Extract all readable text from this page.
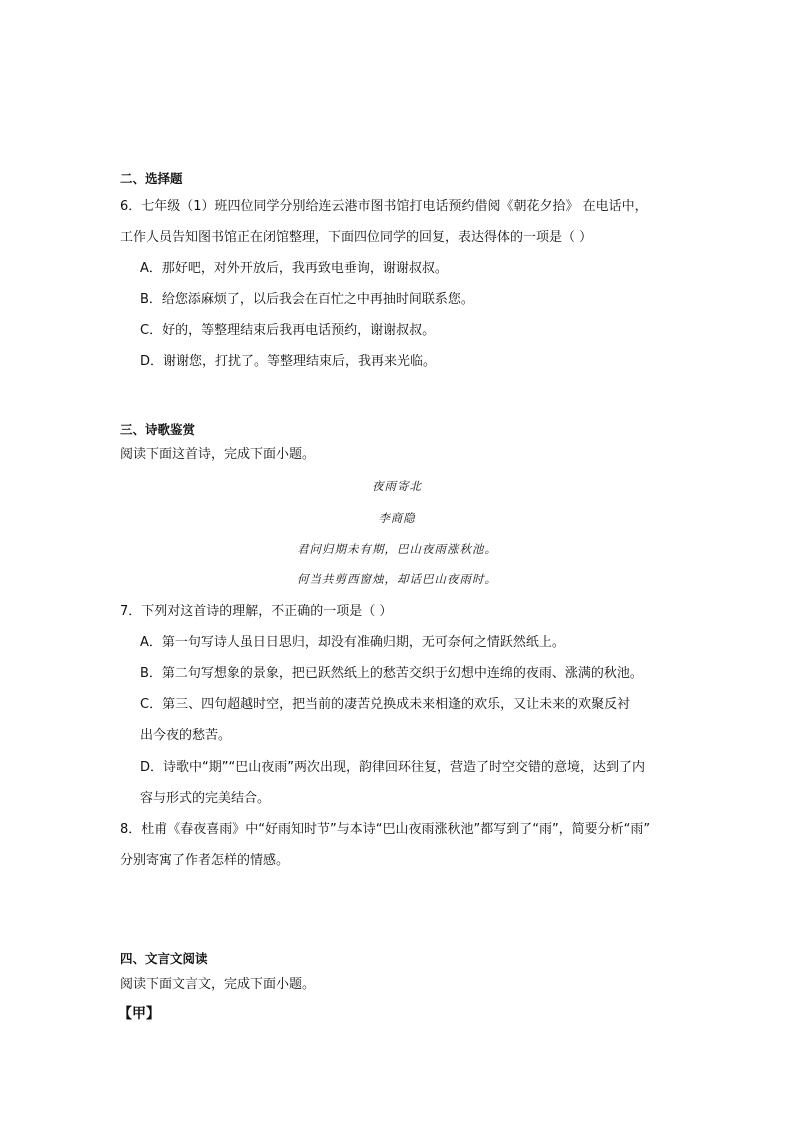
二、选择题
6．七年级（1）班四位同学分别给连云港市图书馆打电话预约借阅《朝花夕拾》 在电话中，
工作人员告知图书馆正在闭馆整理，下面四位同学的回复，表达得体的一项是（ ）
A．那好吧，对外开放后，我再致电垂询，谢谢叔叔。
B．给您添麻烦了，以后我会在百忙之中再抽时间联系您。
C．好的，等整理结束后我再电话预约，谢谢叔叔。
D．谢谢您，打扰了。等整理结束后，我再来光临。
三、诗歌鉴赏
阅读下面这首诗，完成下面小题。
夜雨寄北
李商隐
君问归期未有期，巴山夜雨涨秋池。
何当共剪西窗烛，却话巴山夜雨时。
7．下列对这首诗的理解，不正确的一项是（ ）
A．第一句写诗人虽日日思归，却没有准确归期，无可奈何之情跃然纸上。
B．第二句写想象的景象，把已跃然纸上的愁苦交织于幻想中连绵的夜雨、涨满的秋池。
C．第三、四句超越时空，把当前的凄苦兑换成未来相逢的欢乐，又让未来的欢聚反衬
出今夜的愁苦。
D．诗歌中“期”“巴山夜雨”两次出现，韵律回环往复，营造了时空交错的意境，达到了内
容与形式的完美结合。
8．杜甫《春夜喜雨》中“好雨知时节”与本诗“巴山夜雨涨秋池”都写到了“雨”，简要分析“雨”
分别寄寓了作者怎样的情感。
四、文言文阅读
阅读下面文言文，完成下面小题。
【甲】
